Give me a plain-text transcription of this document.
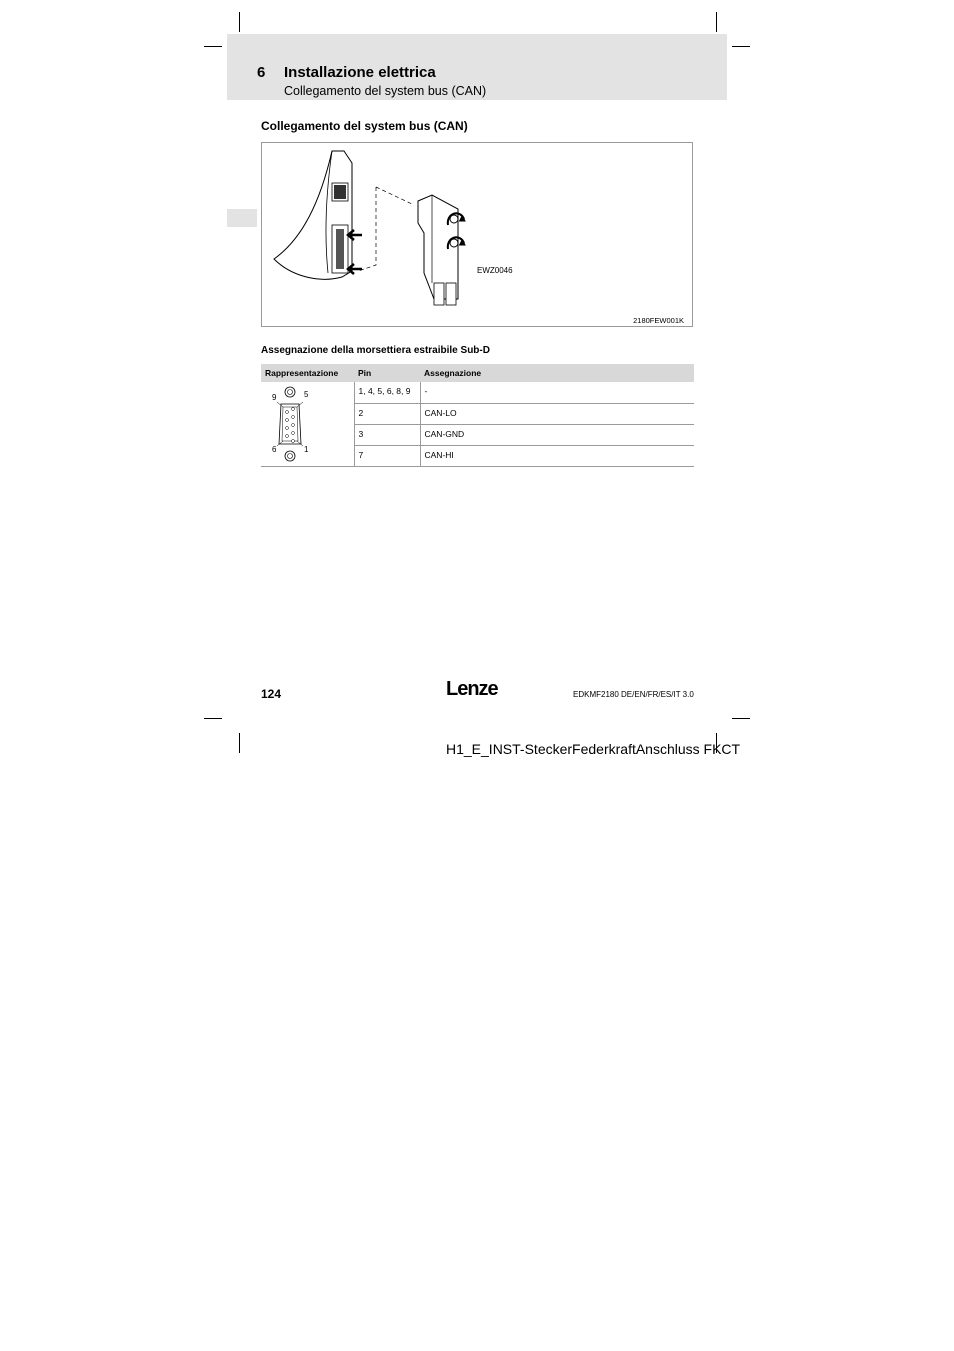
6 Installazione elettrica
Collegamento del system bus (CAN)
Collegamento del system bus (CAN)
EWZ0046
2180FEW001K
Assegnazione della morsettiera estraibile Sub-D
Rappresentazione	Pin	Assegnazione

9 5
6 1	1, 4, 5, 6, 8, 9	-
	2	CAN-LO
	3	CAN-GND
	7	CAN-HI
124	Lenze	EDKMF2180 DE/EN/FR/ES/IT 3.0
H1_E_INST-SteckerFederkraftAnschluss FKCT
